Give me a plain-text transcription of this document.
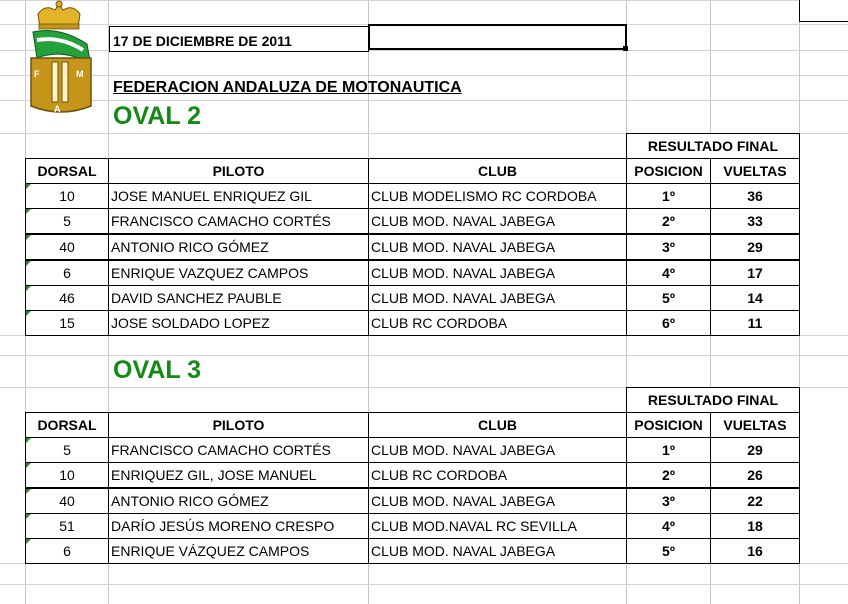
F	M
A
17 DE DICIEMBRE DE 2011
FEDERACION ANDALUZA DE MOTONAUTICA
OVAL 2
RESULTADO FINAL
DORSAL	PILOTO	CLUB	POSICION	VUELTAS
10	JOSE MANUEL ENRIQUEZ GIL	CLUB MODELISMO RC CORDOBA	1º	36
5	FRANCISCO CAMACHO CORTÉS	CLUB MOD. NAVAL JABEGA	2º	33
40	ANTONIO RICO GÓMEZ	CLUB MOD. NAVAL JABEGA	3º	29
6	ENRIQUE VAZQUEZ CAMPOS	CLUB MOD. NAVAL JABEGA	4º	17
46	DAVID SANCHEZ PAUBLE	CLUB MOD. NAVAL JABEGA	5º	14
15	JOSE SOLDADO LOPEZ	CLUB RC CORDOBA	6º	11
OVAL 3
RESULTADO FINAL
DORSAL	PILOTO	CLUB	POSICION	VUELTAS
5	FRANCISCO CAMACHO CORTÉS	CLUB MOD. NAVAL JABEGA	1º	29
10	ENRIQUEZ GIL, JOSE MANUEL	CLUB RC CORDOBA	2º	26
40	ANTONIO RICO GÓMEZ	CLUB MOD. NAVAL JABEGA	3º	22
51	DARÍO JESÚS MORENO CRESPO	CLUB MOD.NAVAL RC SEVILLA	4º	18
6	ENRIQUE VÁZQUEZ CAMPOS	CLUB MOD. NAVAL JABEGA	5º	16
